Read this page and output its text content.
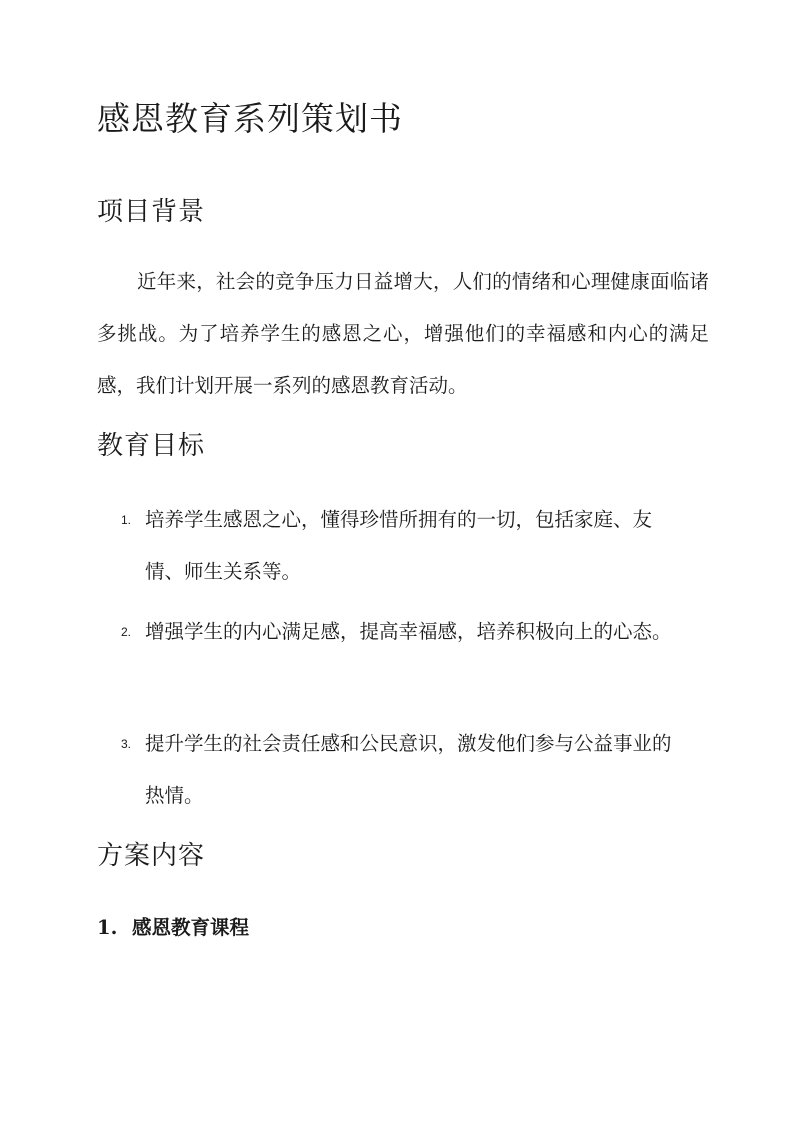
感恩教育系列策划书
项目背景

近年来，社会的竞争压力日益增大，人们的情绪和心理健康面临诸多挑战。为了培养学生的感恩之心，增强他们的幸福感和内心的满足感，我们计划开展一系列的感恩教育活动。

教育目标
1. 培养学生感恩之心，懂得珍惜所拥有的一切，包括家庭、友情、师生关系等。
2. 增强学生的内心满足感，提高幸福感，培养积极向上的心态。
3. 提升学生的社会责任感和公民意识，激发他们参与公益事业的热情。
方案内容
1. 感恩教育课程
